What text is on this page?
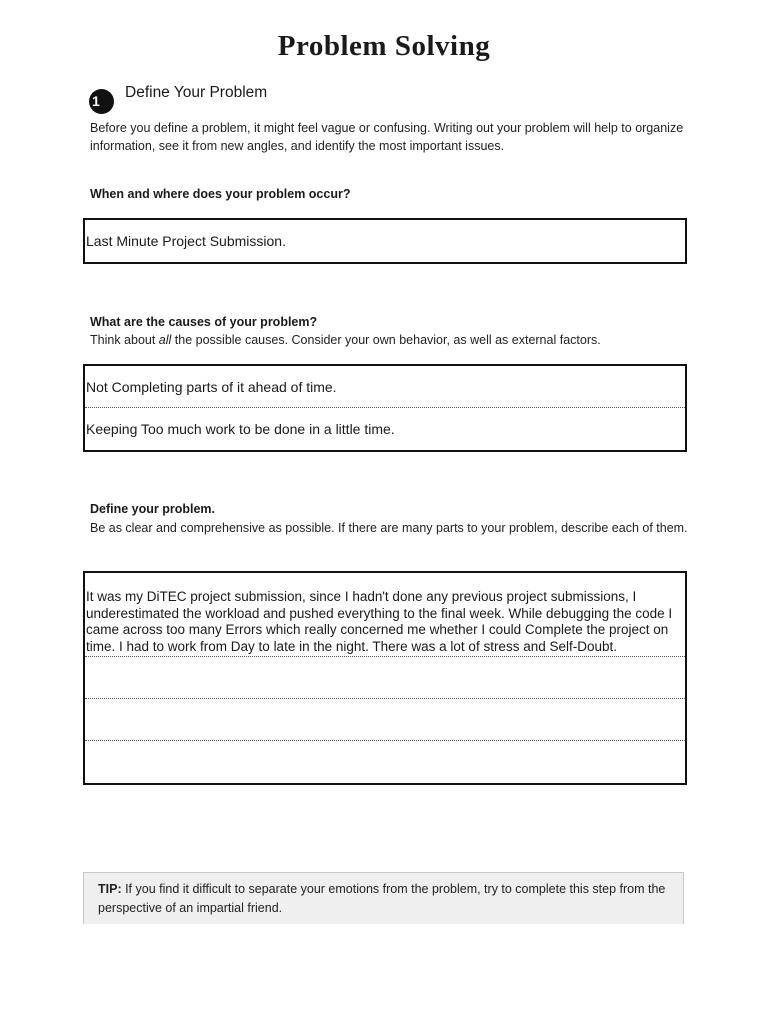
Problem Solving
1	Define Your Problem
Before you define a problem, it might feel vague or confusing. Writing out your problem will help to organize information, see it from new angles, and identify the most important issues.
When and where does your problem occur?
Last Minute Project Submission.
What are the causes of your problem?
Think about all the possible causes. Consider your own behavior, as well as external factors.
Not Completing parts of it ahead of time.
Keeping Too much work to be done in a little time.
Define your problem.
Be as clear and comprehensive as possible. If there are many parts to your problem, describe each of them.
It was my DiTEC project submission, since I hadn't done any previous project submissions, I underestimated the workload and pushed everything to the final week. While debugging the code I came across too many Errors which really concerned me whether I could Complete the project on time. I had to work from Day to late in the night. There was a lot of stress and Self-Doubt.
TIP: If you find it difficult to separate your emotions from the problem, try to complete this step from the perspective of an impartial friend.
